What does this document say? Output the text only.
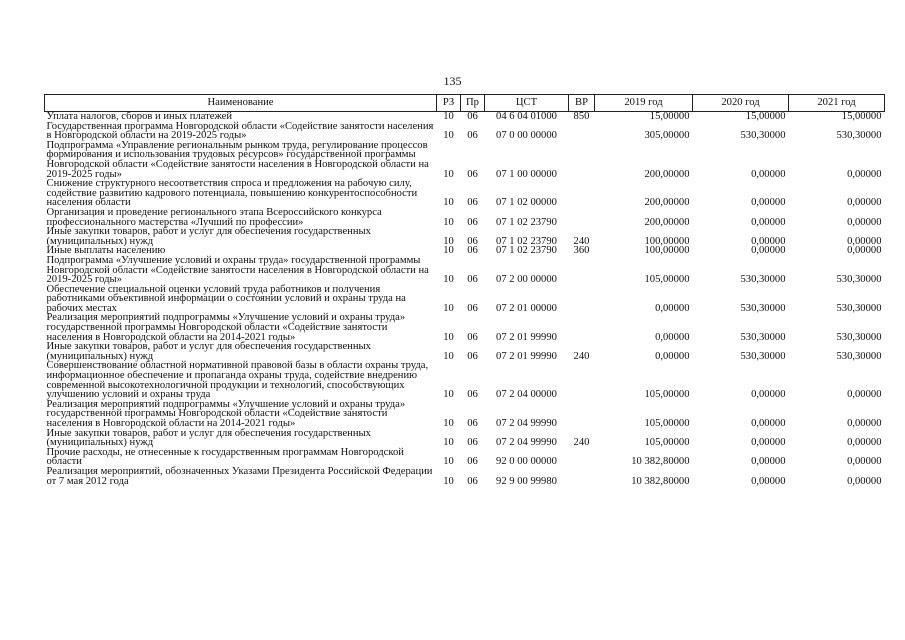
135
Наименование	РЗ	Пр	ЦСТ	ВР	2019 год	2020 год	2021 год
Уплата налогов, сборов и иных платежей	10	06	04 6 04 01000	850	15,00000	15,00000	15,00000
Государственная программа Новгородской области «Содействие занятости населения в Новгородской области на 2019-2025 годы»	10	06	07 0 00 00000		305,00000	530,30000	530,30000
Подпрограмма «Управление региональным рынком труда, регулирование процессов формирования и использования трудовых ресурсов» государственной программы Новгородской области «Содействие занятости населения в Новгородской области на 2019-2025 годы»	10	06	07 1 00 00000		200,00000	0,00000	0,00000
Снижение структурного несоответствия спроса и предложения на рабочую силу, содействие развитию кадрового потенциала, повышению конкурентоспособности населения области	10	06	07 1 02 00000		200,00000	0,00000	0,00000
Организация и проведение регионального этапа Всероссийского конкурса профессионального мастерства «Лучший по профессии»	10	06	07 1 02 23790		200,00000	0,00000	0,00000
Иные закупки товаров, работ и услуг для обеспечения государственных (муниципальных) нужд	10	06	07 1 02 23790	240	100,00000	0,00000	0,00000
Иные выплаты населению	10	06	07 1 02 23790	360	100,00000	0,00000	0,00000
Подпрограмма «Улучшение условий и охраны труда» государственной программы Новгородской области «Содействие занятости населения в Новгородской области на 2019-2025 годы»	10	06	07 2 00 00000		105,00000	530,30000	530,30000
Обеспечение специальной оценки условий труда работников и получения работниками объективной информации о состоянии условий и охраны труда на рабочих местах	10	06	07 2 01 00000		0,00000	530,30000	530,30000
Реализация мероприятий подпрограммы «Улучшение условий и охраны труда» государственной программы Новгородской области «Содействие занятости населения в Новгородской области на 2014-2021 годы»	10	06	07 2 01 99990		0,00000	530,30000	530,30000
Иные закупки товаров, работ и услуг для обеспечения государственных (муниципальных) нужд	10	06	07 2 01 99990	240	0,00000	530,30000	530,30000
Совершенствование областной нормативной правовой базы в области охраны труда, информационное обеспечение и пропаганда охраны труда, содействие внедрению современной высокотехнологичной продукции и технологий, способствующих улучшению условий и охраны труда	10	06	07 2 04 00000		105,00000	0,00000	0,00000
Реализация мероприятий подпрограммы «Улучшение условий и охраны труда» государственной программы Новгородской области «Содействие занятости населения в Новгородской области на 2014-2021 годы»	10	06	07 2 04 99990		105,00000	0,00000	0,00000
Иные закупки товаров, работ и услуг для обеспечения государственных (муниципальных) нужд	10	06	07 2 04 99990	240	105,00000	0,00000	0,00000
Прочие расходы, не отнесенные к государственным программам Новгородской области	10	06	92 0 00 00000		10 382,80000	0,00000	0,00000
Реализация мероприятий, обозначенных Указами Президента Российской Федерации от 7 мая 2012 года	10	06	92 9 00 99980		10 382,80000	0,00000	0,00000
